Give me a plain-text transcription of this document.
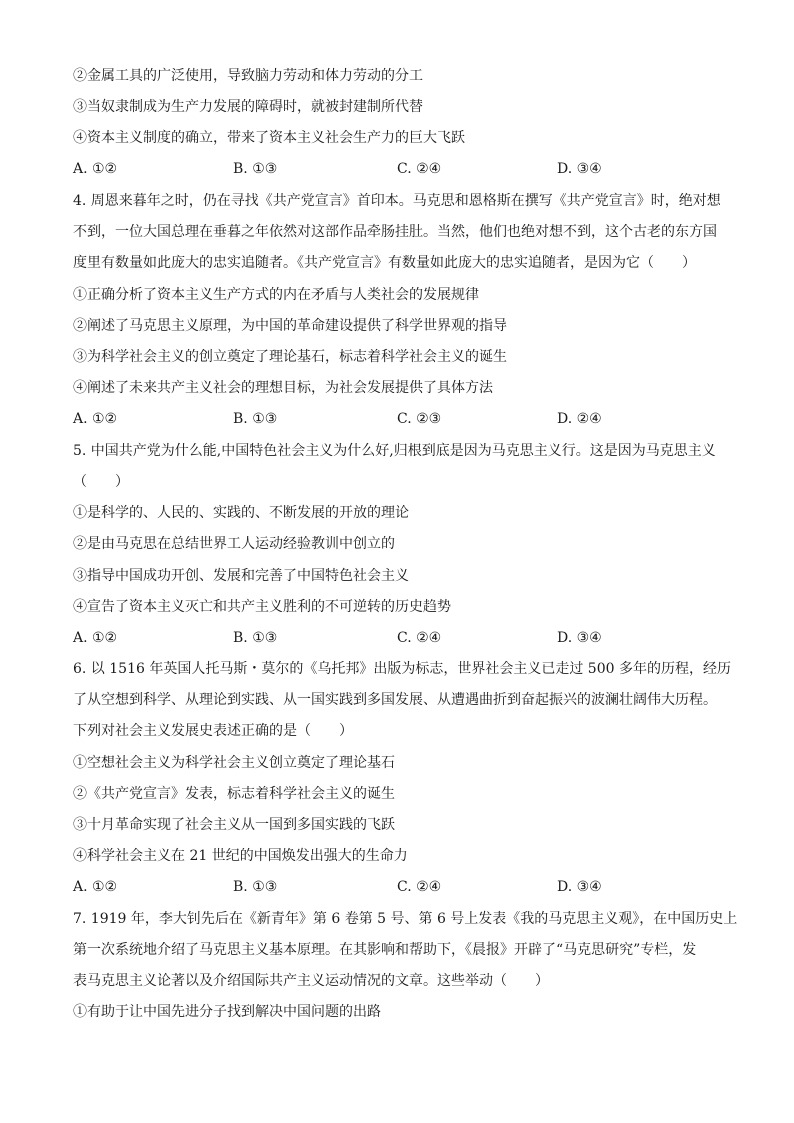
②金属工具的广泛使用，导致脑力劳动和体力劳动的分工
③当奴隶制成为生产力发展的障碍时，就被封建制所代替
④资本主义制度的确立，带来了资本主义社会生产力的巨大飞跃
A. ①②	B. ①③	C. ②④	D. ③④
4. 周恩来暮年之时，仍在寻找《共产党宣言》首印本。马克思和恩格斯在撰写《共产党宣言》时，绝对想
不到，一位大国总理在垂暮之年依然对这部作品牵肠挂肚。当然，他们也绝对想不到，这个古老的东方国
度里有数量如此庞大的忠实追随者。《共产党宣言》有数量如此庞大的忠实追随者，是因为它（　　）
①正确分析了资本主义生产方式的内在矛盾与人类社会的发展规律
②阐述了马克思主义原理，为中国的革命建设提供了科学世界观的指导
③为科学社会主义的创立奠定了理论基石，标志着科学社会主义的诞生
④阐述了未来共产主义社会的理想目标，为社会发展提供了具体方法
A. ①②	B. ①③	C. ②③	D. ②④
5. 中国共产党为什么能,中国特色社会主义为什么好,归根到底是因为马克思主义行。这是因为马克思主义
（　　）
①是科学的、人民的、实践的、不断发展的开放的理论
②是由马克思在总结世界工人运动经验教训中创立的
③指导中国成功开创、发展和完善了中国特色社会主义
④宣告了资本主义灭亡和共产主义胜利的不可逆转的历史趋势
A. ①②	B. ①③	C. ②④	D. ③④
6. 以 1516 年英国人托马斯・莫尔的《乌托邦》出版为标志，世界社会主义已走过 500 多年的历程，经历
了从空想到科学、从理论到实践、从一国实践到多国发展、从遭遇曲折到奋起振兴的波澜壮阔伟大历程。
下列对社会主义发展史表述正确的是（　　）
①空想社会主义为科学社会主义创立奠定了理论基石
②《共产党宣言》发表，标志着科学社会主义的诞生
③十月革命实现了社会主义从一国到多国实践的飞跃
④科学社会主义在 21 世纪的中国焕发出强大的生命力
A. ①②	B. ①③	C. ②④	D. ③④
7. 1919 年，李大钊先后在《新青年》第 6 卷第 5 号、第 6 号上发表《我的马克思主义观》，在中国历史上
第一次系统地介绍了马克思主义基本原理。在其影响和帮助下，《晨报》开辟了“马克思研究”专栏，发
表马克思主义论著以及介绍国际共产主义运动情况的文章。这些举动（　　）
①有助于让中国先进分子找到解决中国问题的出路
